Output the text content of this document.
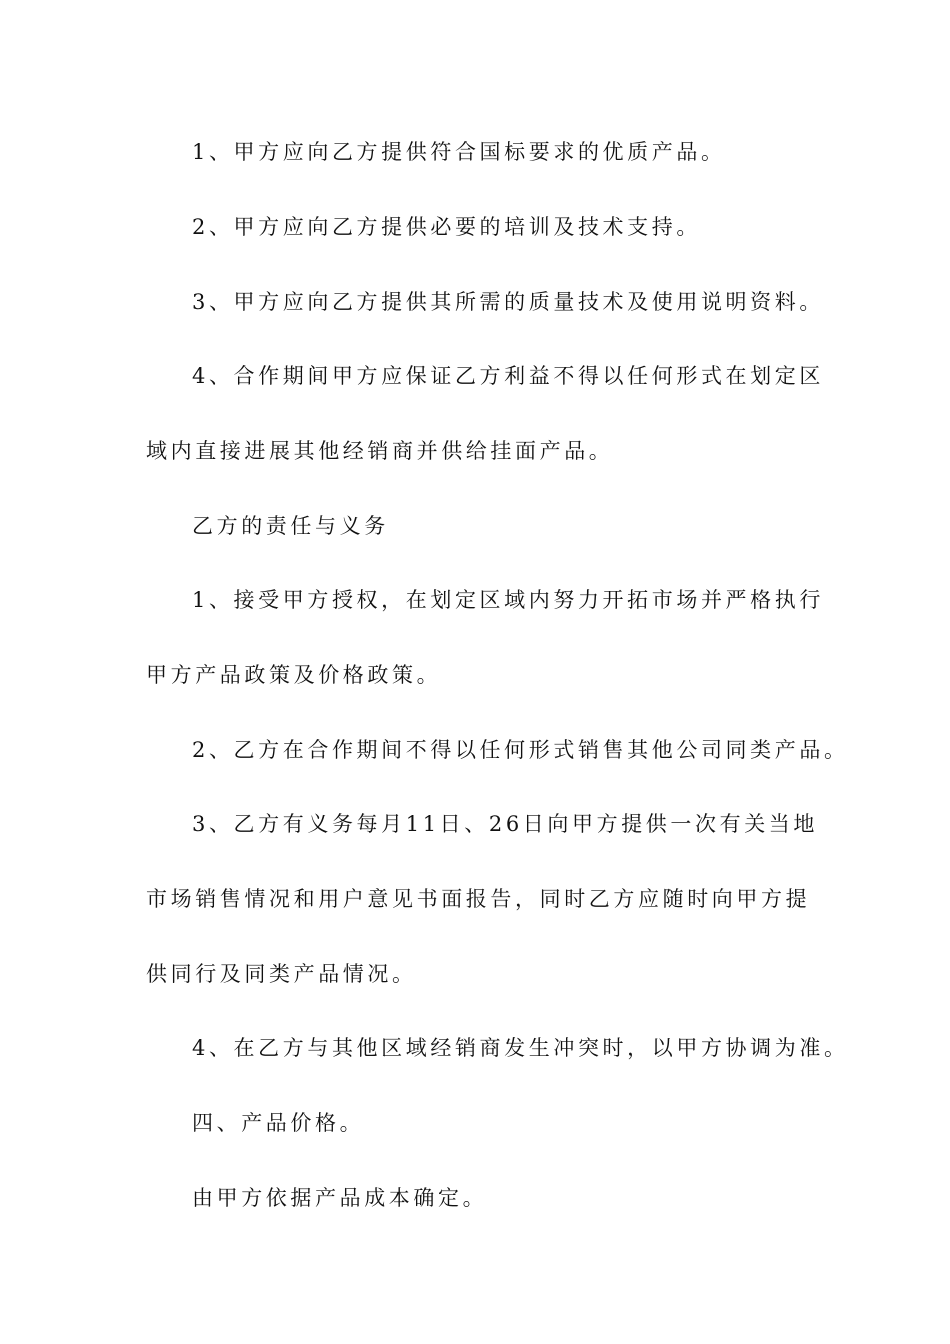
1、甲方应向乙方提供符合国标要求的优质产品。
2、甲方应向乙方提供必要的培训及技术支持。
3、甲方应向乙方提供其所需的质量技术及使用说明资料。
4、合作期间甲方应保证乙方利益不得以任何形式在划定区
域内直接进展其他经销商并供给挂面产品。
乙方的责任与义务
1、接受甲方授权，在划定区域内努力开拓市场并严格执行
甲方产品政策及价格政策。
2、乙方在合作期间不得以任何形式销售其他公司同类产品。
3、乙方有义务每月11日、26日向甲方提供一次有关当地
市场销售情况和用户意见书面报告，同时乙方应随时向甲方提
供同行及同类产品情况。
4、在乙方与其他区域经销商发生冲突时，以甲方协调为准。
四、产品价格。
由甲方依据产品成本确定。
